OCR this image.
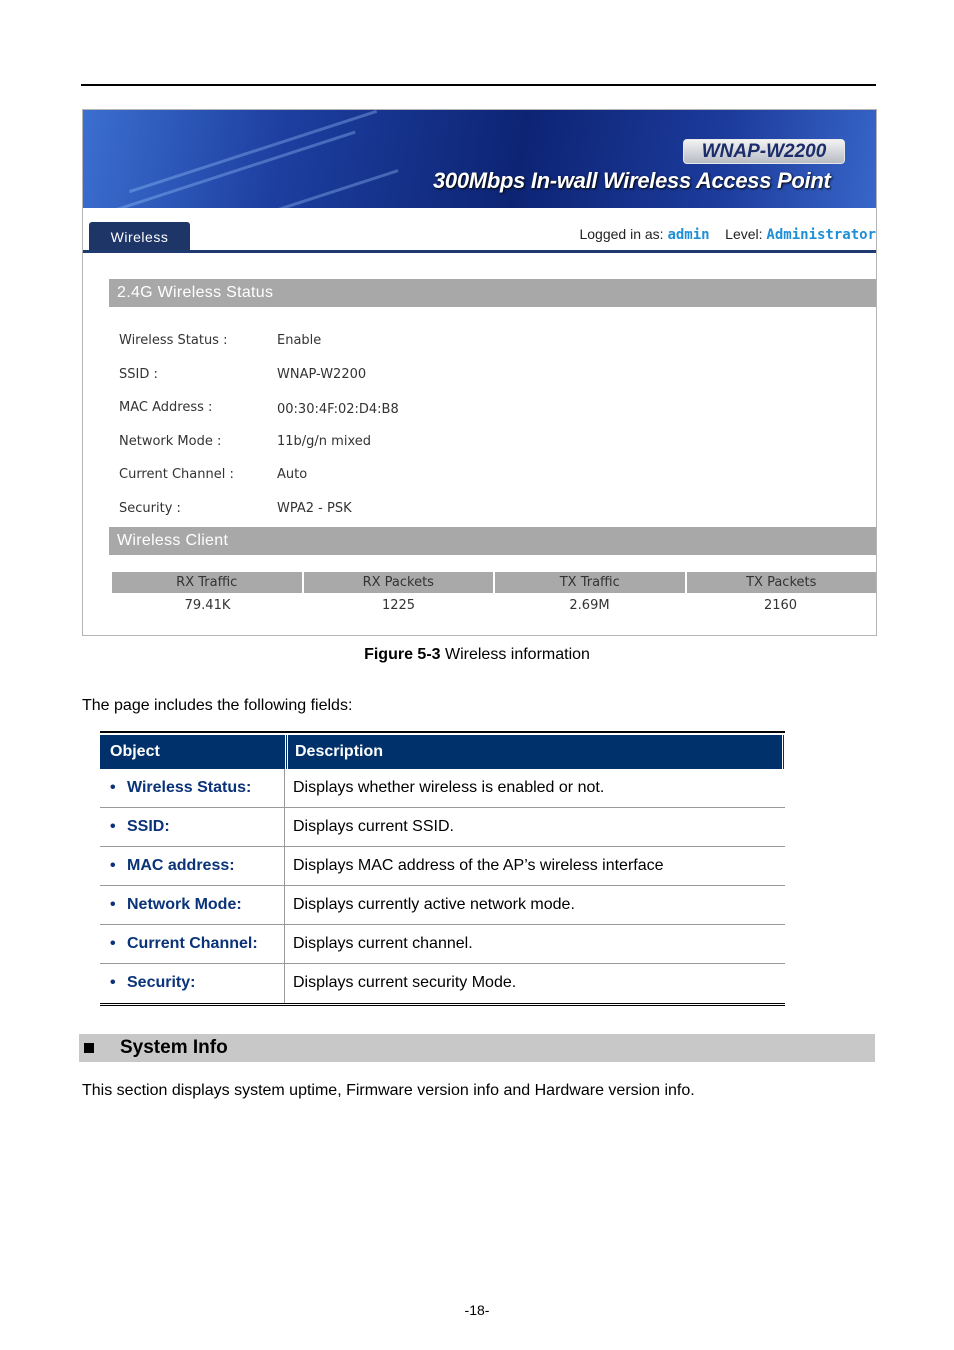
WNAP-W2200
300Mbps In-wall Wireless Access Point
Wireless	Logged in as: admin Level: Administrator
2.4G Wireless Status
Wireless Status :	Enable
SSID :	WNAP-W2200
MAC Address :	00:30:4F:02:D4:B8
Network Mode :	11b/g/n mixed
Current Channel :	Auto
Security :	WPA2 - PSK
Wireless Client
RX Traffic	RX Packets	TX Traffic	TX Packets
79.41K	1225	2.69M	2160
Figure 5-3 Wireless information
The page includes the following fields:
Object	Description
• Wireless Status:	Displays whether wireless is enabled or not.
• SSID:	Displays current SSID.
• MAC address:	Displays MAC address of the AP’s wireless interface
• Network Mode:	Displays currently active network mode.
• Current Channel:	Displays current channel.
• Security:	Displays current security Mode.
System Info
This section displays system uptime, Firmware version info and Hardware version info.
-18-
